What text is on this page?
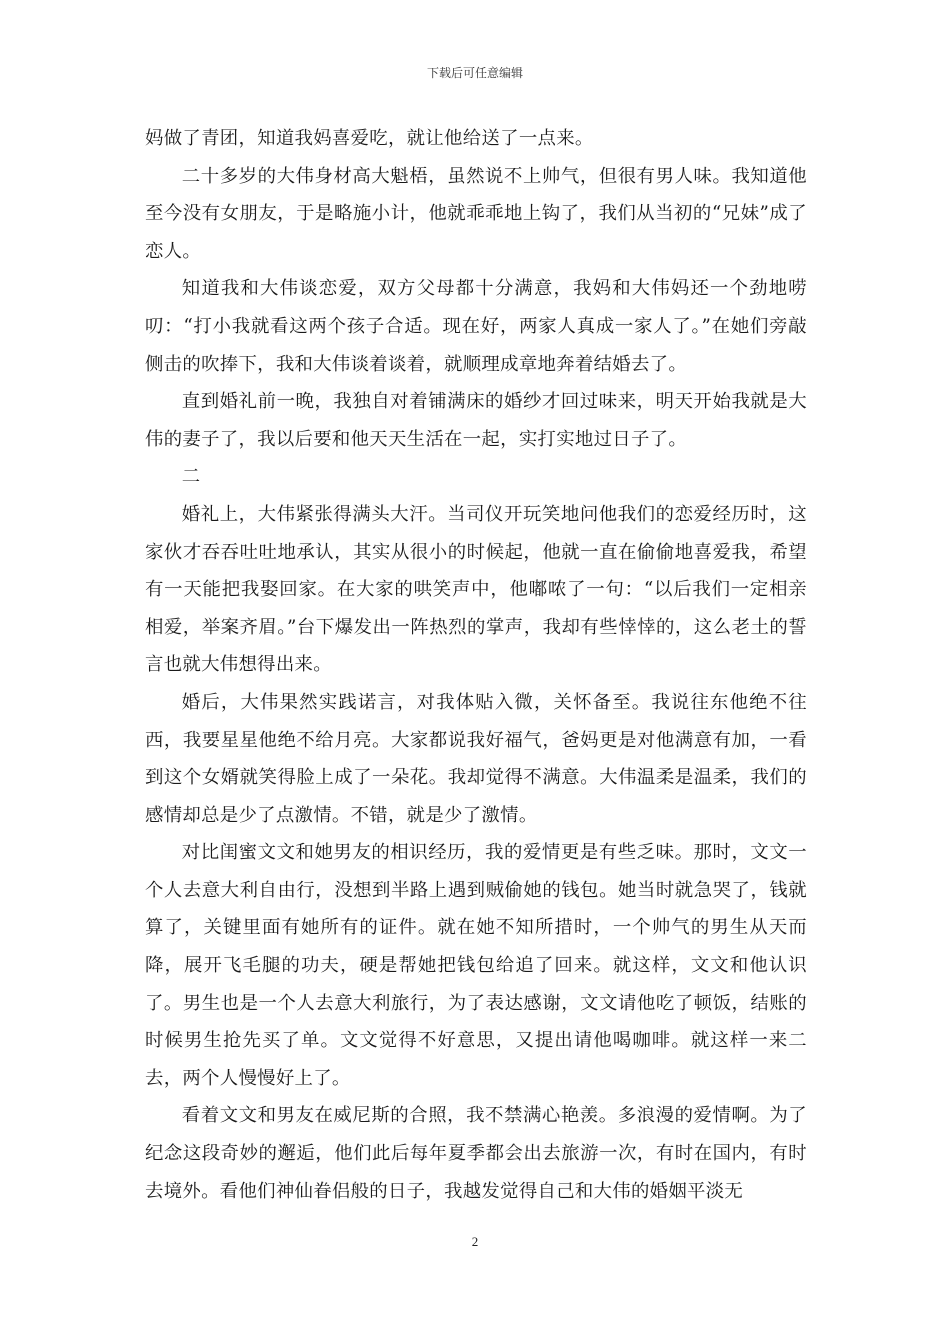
下载后可任意编辑

妈做了青团，知道我妈喜爱吃，就让他给送了一点来。

二十多岁的大伟身材高大魁梧，虽然说不上帅气，但很有男人味。我知道他至今没有女朋友，于是略施小计，他就乖乖地上钩了，我们从当初的“兄妹”成了恋人。

知道我和大伟谈恋爱，双方父母都十分满意，我妈和大伟妈还一个劲地唠叨：“打小我就看这两个孩子合适。现在好，两家人真成一家人了。”在她们旁敲侧击的吹捧下，我和大伟谈着谈着，就顺理成章地奔着结婚去了。

直到婚礼前一晚，我独自对着铺满床的婚纱才回过味来，明天开始我就是大伟的妻子了，我以后要和他天天生活在一起，实打实地过日子了。

二

婚礼上，大伟紧张得满头大汗。当司仪开玩笑地问他我们的恋爱经历时，这家伙才吞吞吐吐地承认，其实从很小的时候起，他就一直在偷偷地喜爱我，希望有一天能把我娶回家。在大家的哄笑声中，他嘟哝了一句：“以后我们一定相亲相爱，举案齐眉。”台下爆发出一阵热烈的掌声，我却有些悻悻的，这么老土的誓言也就大伟想得出来。

婚后，大伟果然实践诺言，对我体贴入微，关怀备至。我说往东他绝不往西，我要星星他绝不给月亮。大家都说我好福气，爸妈更是对他满意有加，一看到这个女婿就笑得脸上成了一朵花。我却觉得不满意。大伟温柔是温柔，我们的感情却总是少了点激情。不错，就是少了激情。

对比闺蜜文文和她男友的相识经历，我的爱情更是有些乏味。那时，文文一个人去意大利自由行，没想到半路上遇到贼偷她的钱包。她当时就急哭了，钱就算了，关键里面有她所有的证件。就在她不知所措时，一个帅气的男生从天而降，展开飞毛腿的功夫，硬是帮她把钱包给追了回来。就这样，文文和他认识了。男生也是一个人去意大利旅行，为了表达感谢，文文请他吃了顿饭，结账的时候男生抢先买了单。文文觉得不好意思，又提出请他喝咖啡。就这样一来二去，两个人慢慢好上了。

看着文文和男友在威尼斯的合照，我不禁满心艳羡。多浪漫的爱情啊。为了纪念这段奇妙的邂逅，他们此后每年夏季都会出去旅游一次，有时在国内，有时去境外。看他们神仙眷侣般的日子，我越发觉得自己和大伟的婚姻平淡无

2
